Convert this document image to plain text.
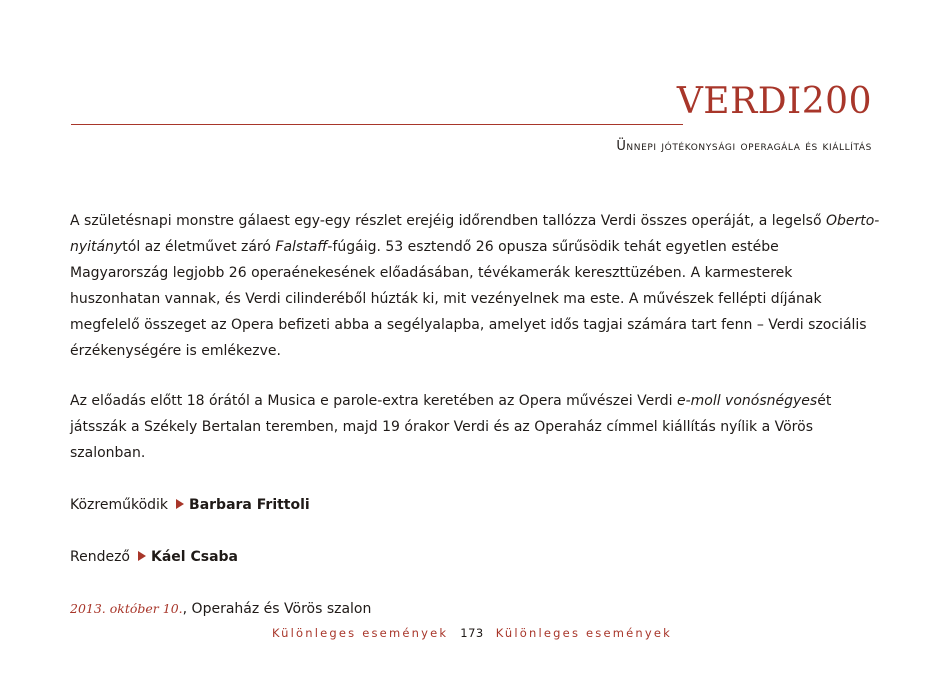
VERDI200
Ünnepi jótékonysági operagála és kiállítás

A születésnapi monstre gálaest egy-egy részlet erejéig időrendben tallózza Verdi összes operáját, a legelső Oberto-nyitánytól az életművet záró Falstaff-fúgáig. 53 esztendő 26 opusza sűrűsödik tehát egyetlen estébe Magyarország legjobb 26 operaénekesének előadásában, tévékamerák kereszttüzében. A karmesterek huszonhatan vannak, és Verdi cilinderéből húzták ki, mit vezényelnek ma este. A művészek fellépti díjának megfelelő összeget az Opera befizeti abba a segélyalapba, amelyet idős tagjai számára tart fenn – Verdi szociális érzékenységére is emlékezve.

Az előadás előtt 18 órától a Musica e parole-extra keretében az Opera művészei Verdi e-moll vonósnégyesét játsszák a Székely Bertalan teremben, majd 19 órakor Verdi és az Operaház címmel kiállítás nyílik a Vörös szalonban.

Közreműködik Barbara Frittoli

Rendező Káel Csaba

2013. október 10., Operaház és Vörös szalon

Különleges események 173 Különleges események
